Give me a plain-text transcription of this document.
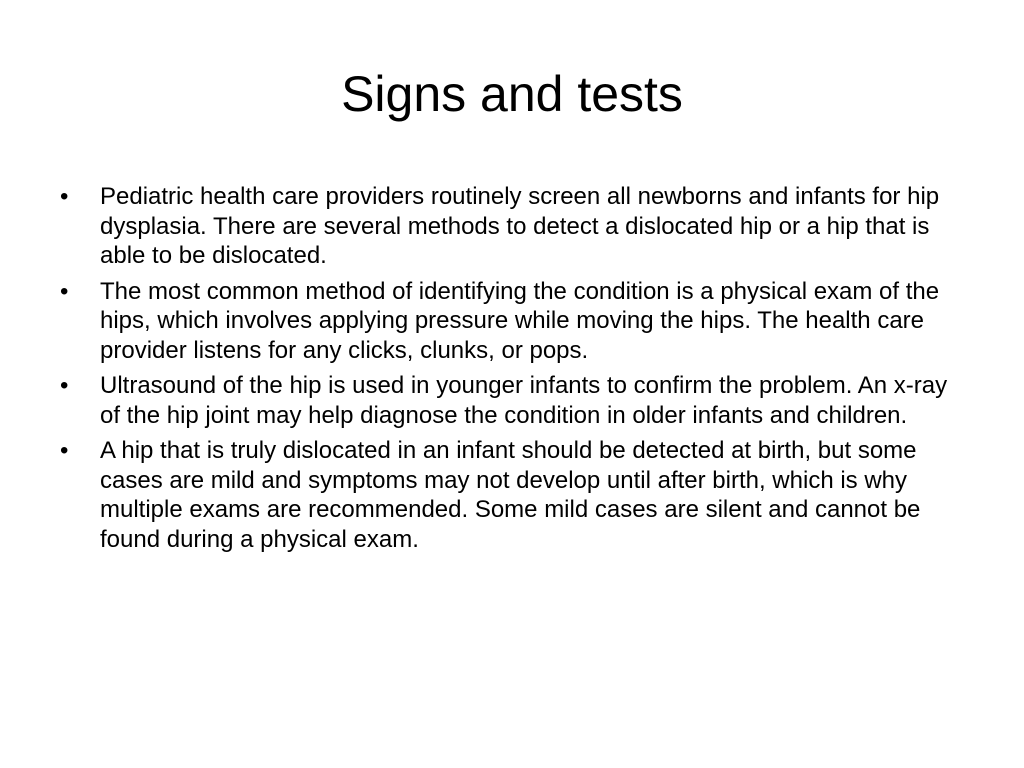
Signs and tests
•	Pediatric health care providers routinely screen all newborns and infants for hip dysplasia. There are several methods to detect a dislocated hip or a hip that is able to be dislocated.
•	The most common method of identifying the condition is a physical exam of the hips, which involves applying pressure while moving the hips. The health care provider listens for any clicks, clunks, or pops.
•	Ultrasound of the hip is used in younger infants to confirm the problem. An x-ray of the hip joint may help diagnose the condition in older infants and children.
•	A hip that is truly dislocated in an infant should be detected at birth, but some cases are mild and symptoms may not develop until after birth, which is why multiple exams are recommended. Some mild cases are silent and cannot be found during a physical exam.
